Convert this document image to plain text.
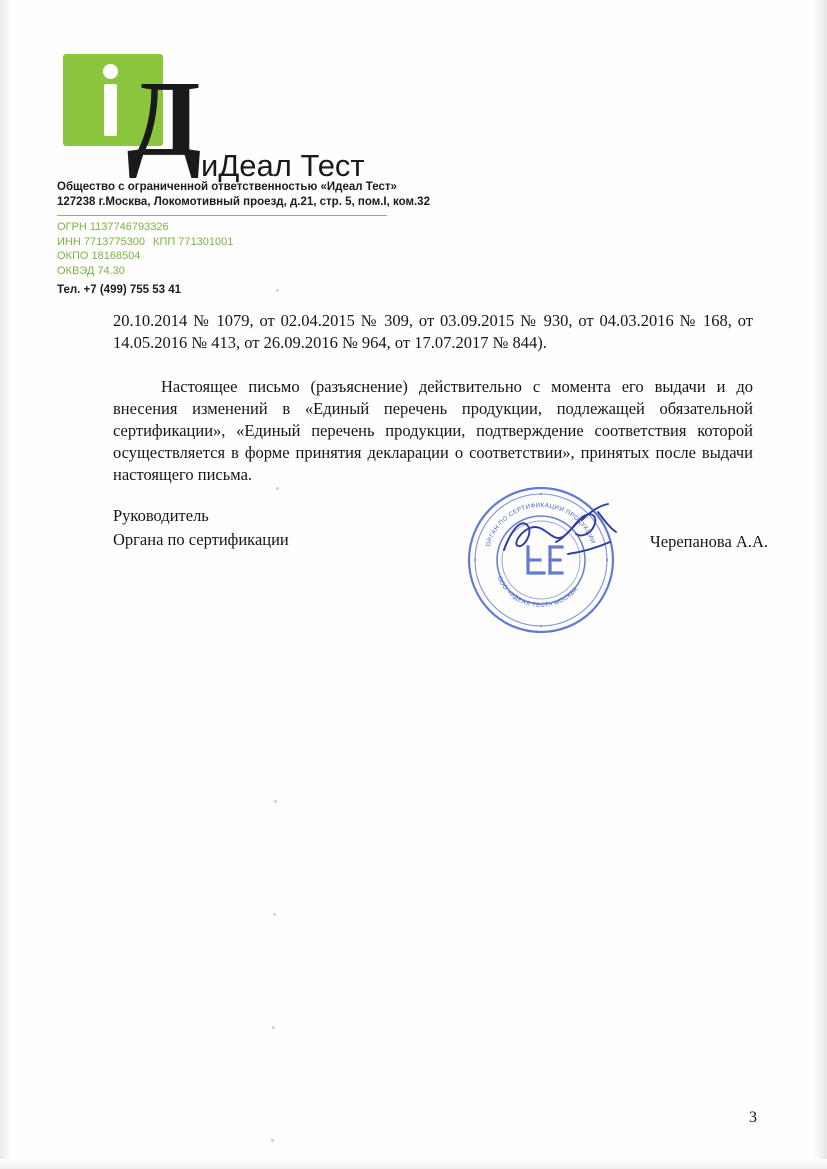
Д иДеал Тест
Общество с ограниченной ответственностью «Идеал Тест»
127238 г.Москва, Локомотивный проезд, д.21, стр. 5, пом.I, ком.32
ОГРН 1137746793326
ИНН 7713775300 КПП 771301001
ОКПО 18168504
ОКВЭД 74.30
Тел. +7 (499) 755 53 41

20.10.2014 № 1079, от 02.04.2015 № 309, от 03.09.2015 № 930, от 04.03.2016 № 168, от 14.05.2016 № 413, от 26.09.2016 № 964, от 17.07.2017 № 844).

Настоящее письмо (разъяснение) действительно с момента его выдачи и до внесения изменений в «Единый перечень продукции, подлежащей обязательной сертификации», «Единый перечень продукции, подтверждение соответствия которой осуществляется в форме принятия декларации о соответствии», принятых после выдачи настоящего письма.

Руководитель
Органа по сертификации	Черепанова А.А.
ОРГАН ПО СЕРТИФИКАЦИИ ПРОДУКЦИИ
ООО «ИДЕАЛ ТЕСТ» МОСКВА
3
